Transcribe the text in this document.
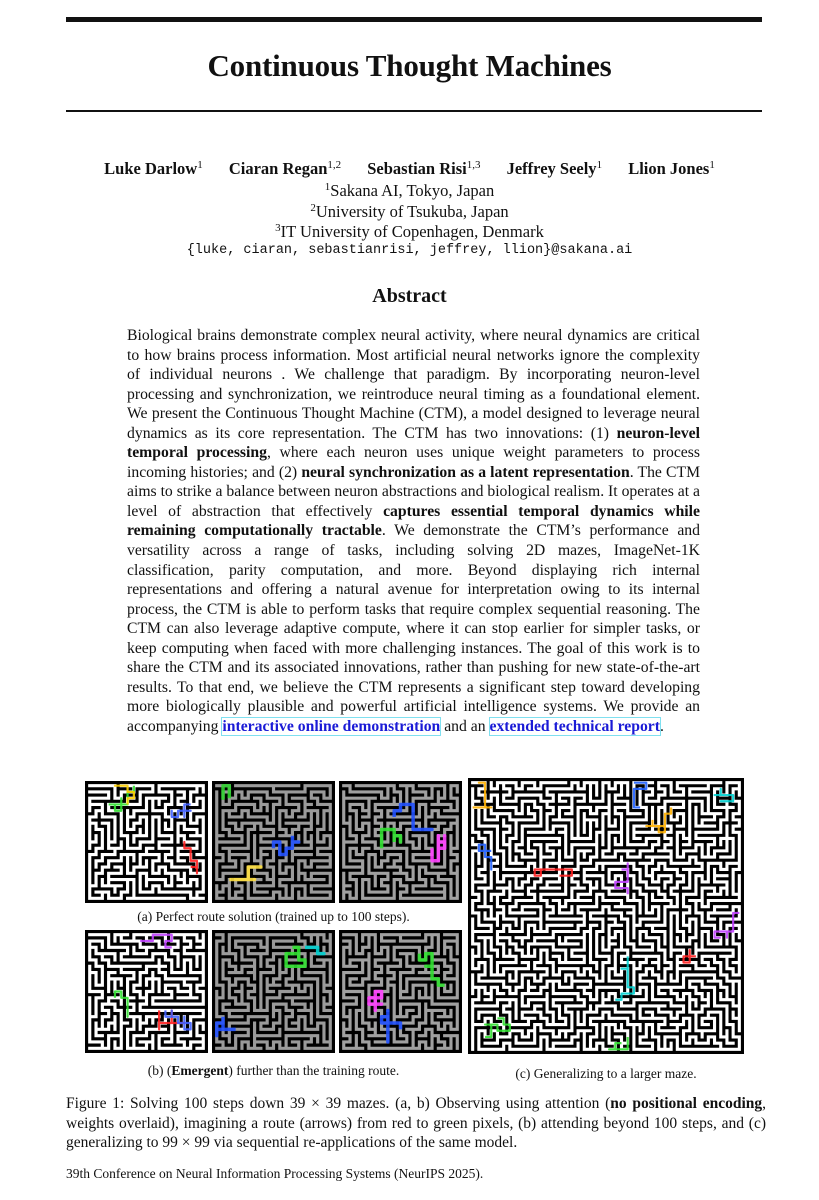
Continuous Thought Machines
Luke Darlow$^1$ Ciaran Regan$^{1,2}$ Sebastian Risi$^{1,3}$ Jeffrey Seely$^1$ Llion Jones$^1$
$^1$Sakana AI, Tokyo, Japan
$^2$University of Tsukuba, Japan
$^3$IT University of Copenhagen, Denmark
{luke, ciaran, sebastianrisi, jeffrey, llion}@sakana.ai
Abstract
Biological brains demonstrate complex neural activity, where neural dynamics are critical to how brains process information. Most artificial neural networks ignore the complexity of individual neurons . We challenge that paradigm. By incorporating neuron-level processing and synchronization, we reintroduce neural timing as a foundational element. We present the Continuous Thought Machine (CTM), a model designed to leverage neural dynamics as its core representation. The CTM has two innovations: (1) neuron-level temporal processing, where each neuron uses unique weight parameters to process incoming histories; and (2) neural synchronization as a latent representation. The CTM aims to strike a balance between neuron abstractions and biological realism. It operates at a level of abstraction that effectively captures essential temporal dynamics while remaining computationally tractable. We demonstrate the CTM’s performance and versatility across a range of tasks, including solving 2D mazes, ImageNet-1K classification, parity computation, and more. Beyond displaying rich internal representations and offering a natural avenue for interpretation owing to its internal process, the CTM is able to perform tasks that require complex sequential reasoning. The CTM can also leverage adaptive compute, where it can stop earlier for simpler tasks, or keep computing when faced with more challenging instances. The goal of this work is to share the CTM and its associated innovations, rather than pushing for new state-of-the-art results. To that end, we believe the CTM represents a significant step toward developing more biologically plausible and powerful artificial intelligence systems. We provide an accompanying interactive online demonstration and an extended technical report.
(a) Perfect route solution (trained up to 100 steps).
(b) (Emergent) further than the training route.	(c) Generalizing to a larger maze.
Figure 1: Solving 100 steps down 39 × 39 mazes. (a, b) Observing using attention (no positional encoding, weights overlaid), imagining a route (arrows) from red to green pixels, (b) attending beyond 100 steps, and (c) generalizing to 99 × 99 via sequential re-applications of the same model.
39th Conference on Neural Information Processing Systems (NeurIPS 2025).
